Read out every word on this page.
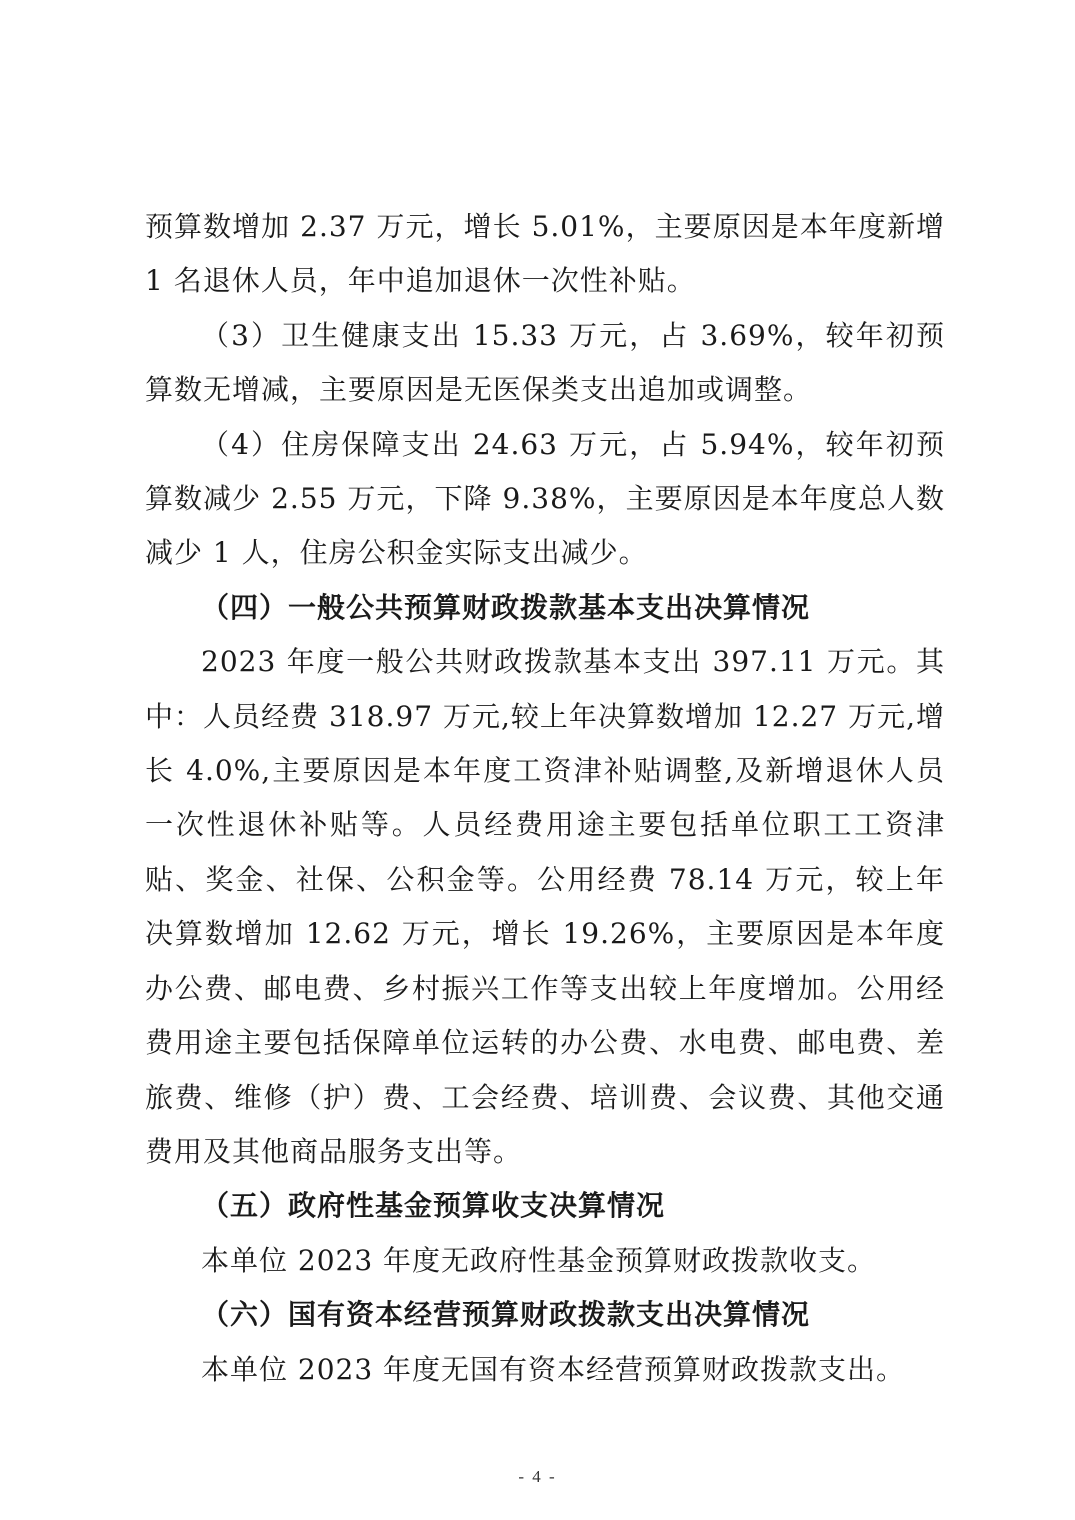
预算数增加 2.37 万元，增长 5.01%，主要原因是本年度新增 1 名退休人员，年中追加退休一次性补贴。

（3）卫生健康支出 15.33 万元，占 3.69%，较年初预算数无增减，主要原因是无医保类支出追加或调整。

（4）住房保障支出 24.63 万元，占 5.94%，较年初预算数减少 2.55 万元，下降 9.38%，主要原因是本年度总人数减少 1 人，住房公积金实际支出减少。

（四）一般公共预算财政拨款基本支出决算情况

2023 年度一般公共财政拨款基本支出 397.11 万元。其中：人员经费 318.97 万元,较上年决算数增加 12.27 万元,增长 4.0%,主要原因是本年度工资津补贴调整,及新增退休人员一次性退休补贴等。人员经费用途主要包括单位职工工资津贴、奖金、社保、公积金等。公用经费 78.14 万元，较上年决算数增加 12.62 万元，增长 19.26%，主要原因是本年度办公费、邮电费、乡村振兴工作等支出较上年度增加。公用经费用途主要包括保障单位运转的办公费、水电费、邮电费、差旅费、维修（护）费、工会经费、培训费、会议费、其他交通费用及其他商品服务支出等。

（五）政府性基金预算收支决算情况

本单位 2023 年度无政府性基金预算财政拨款收支。

（六）国有资本经营预算财政拨款支出决算情况

本单位 2023 年度无国有资本经营预算财政拨款支出。

- 4 -
